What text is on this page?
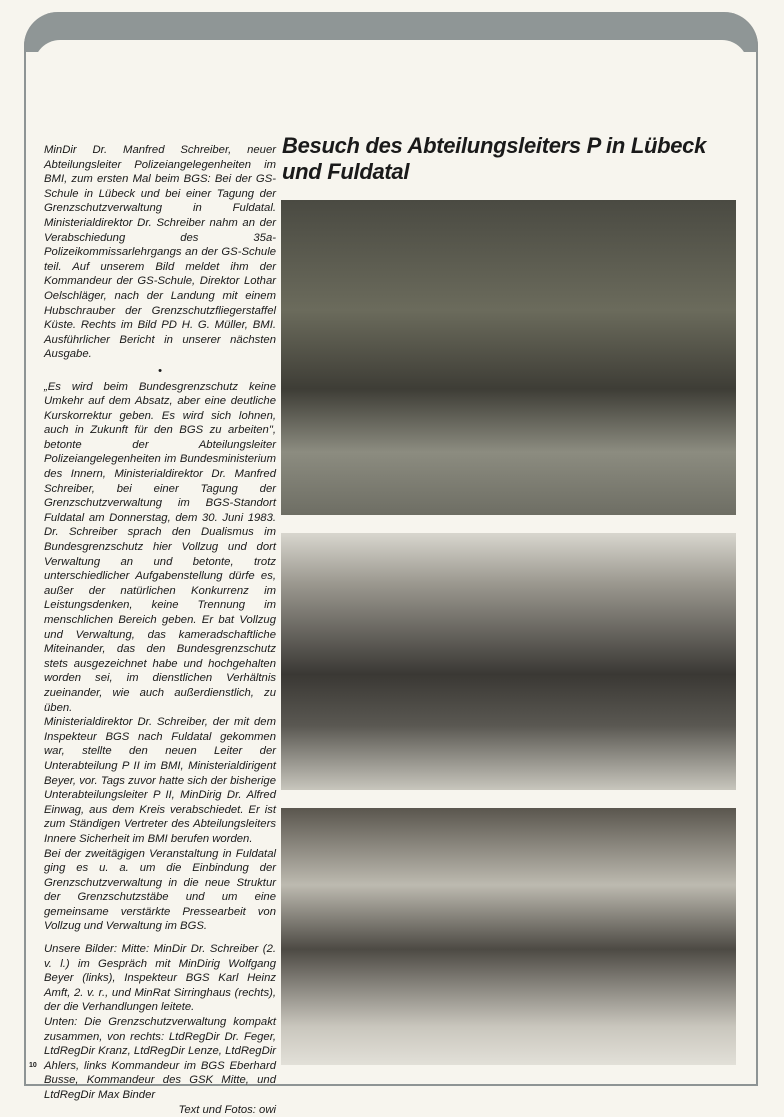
MinDir Dr. Manfred Schreiber, neuer Abteilungsleiter Polizeiangelegenheiten im BMI, zum ersten Mal beim BGS: Bei der GS-Schule in Lübeck und bei einer Tagung der Grenzschutzverwaltung in Fuldatal. Ministerialdirektor Dr. Schreiber nahm an der Verabschiedung des 35a-Polizeikommissarlehrgangs an der GS-Schule teil. Auf unserem Bild meldet ihm der Kommandeur der GS-Schule, Direktor Lothar Oelschläger, nach der Landung mit einem Hubschrauber der Grenzschutzfliegerstaffel Küste. Rechts im Bild PD H. G. Müller, BMI. Ausführlicher Bericht in unserer nächsten Ausgabe.

•

„Es wird beim Bundesgrenzschutz keine Umkehr auf dem Absatz, aber eine deutliche Kurskorrektur geben. Es wird sich lohnen, auch in Zukunft für den BGS zu arbeiten", betonte der Abteilungsleiter Polizeiangelegenheiten im Bundesministerium des Innern, Ministerialdirektor Dr. Manfred Schreiber, bei einer Tagung der Grenzschutzverwaltung im BGS-Standort Fuldatal am Donnerstag, dem 30. Juni 1983. Dr. Schreiber sprach den Dualismus im Bundesgrenzschutz hier Vollzug und dort Verwaltung an und betonte, trotz unterschiedlicher Aufgabenstellung dürfe es, außer der natürlichen Konkurrenz im Leistungsdenken, keine Trennung im menschlichen Bereich geben. Er bat Vollzug und Verwaltung, das kameradschaftliche Miteinander, das den Bundesgrenzschutz stets ausgezeichnet habe und hochgehalten worden sei, im dienstlichen Verhältnis zueinander, wie auch außerdienstlich, zu üben.

Ministerialdirektor Dr. Schreiber, der mit dem Inspekteur BGS nach Fuldatal gekommen war, stellte den neuen Leiter der Unterabteilung P II im BMI, Ministerialdirigent Beyer, vor. Tags zuvor hatte sich der bisherige Unterabteilungsleiter P II, MinDirig Dr. Alfred Einwag, aus dem Kreis verabschiedet. Er ist zum Ständigen Vertreter des Abteilungsleiters Innere Sicherheit im BMI berufen worden.

Bei der zweitägigen Veranstaltung in Fuldatal ging es u. a. um die Einbindung der Grenzschutzverwaltung in die neue Struktur der Grenzschutzstäbe und um eine gemeinsame verstärkte Pressearbeit von Vollzug und Verwaltung im BGS.

Unsere Bilder: Mitte: MinDir Dr. Schreiber (2. v. l.) im Gespräch mit MinDirig Wolfgang Beyer (links), Inspekteur BGS Karl Heinz Amft, 2. v. r., und MinRat Sirringhaus (rechts), der die Verhandlungen leitete.

Unten: Die Grenzschutzverwaltung kompakt zusammen, von rechts: LtdRegDir Dr. Feger, LtdRegDir Kranz, LtdRegDir Lenze, LtdRegDir Ahlers, links Kommandeur im BGS Eberhard Busse, Kommandeur des GSK Mitte, und LtdRegDir Max Binder

Text und Fotos: owi

10
Besuch des Abteilungsleiters P in Lübeck und Fuldatal
